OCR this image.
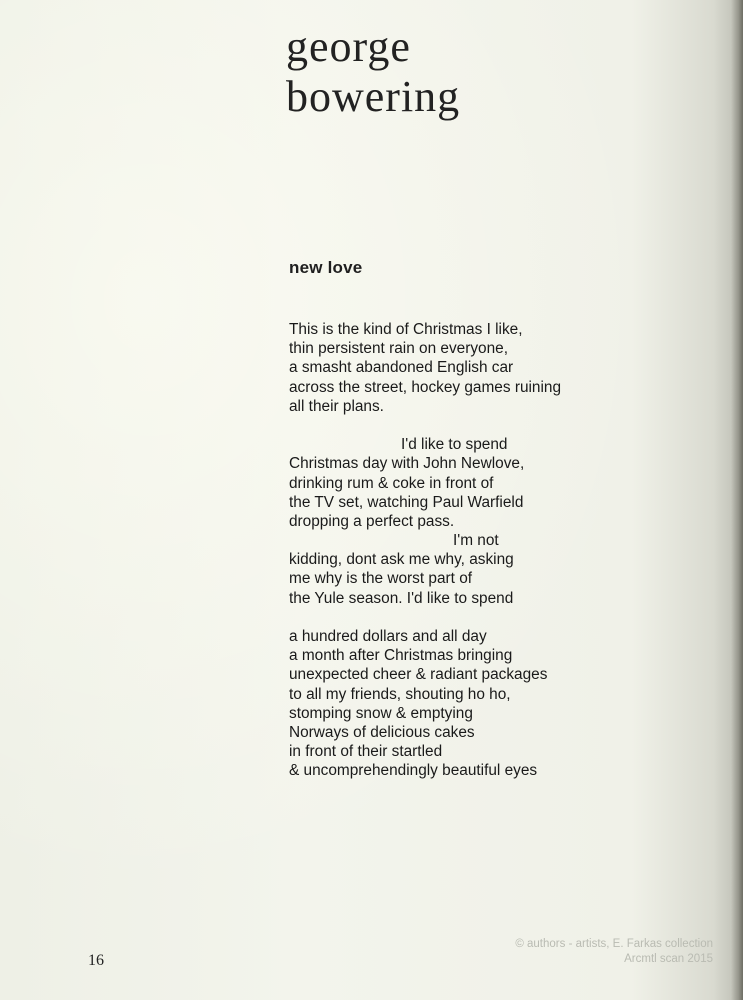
george
bowering
new love
This is the kind of Christmas I like,
thin persistent rain on everyone,
a smasht abandoned English car
across the street, hockey games ruining
all their plans.
I'd like to spend
Christmas day with John Newlove,
drinking rum & coke in front of
the TV set, watching Paul Warfield
dropping a perfect pass.
I'm not
kidding, dont ask me why, asking
me why is the worst part of
the Yule season. I'd like to spend
a hundred dollars and all day
a month after Christmas bringing
unexpected cheer & radiant packages
to all my friends, shouting ho ho,
stomping snow & emptying
Norways of delicious cakes
in front of their startled
& uncomprehendingly beautiful eyes
16
© authors - artists, E. Farkas collection
Arcmtl scan 2015
